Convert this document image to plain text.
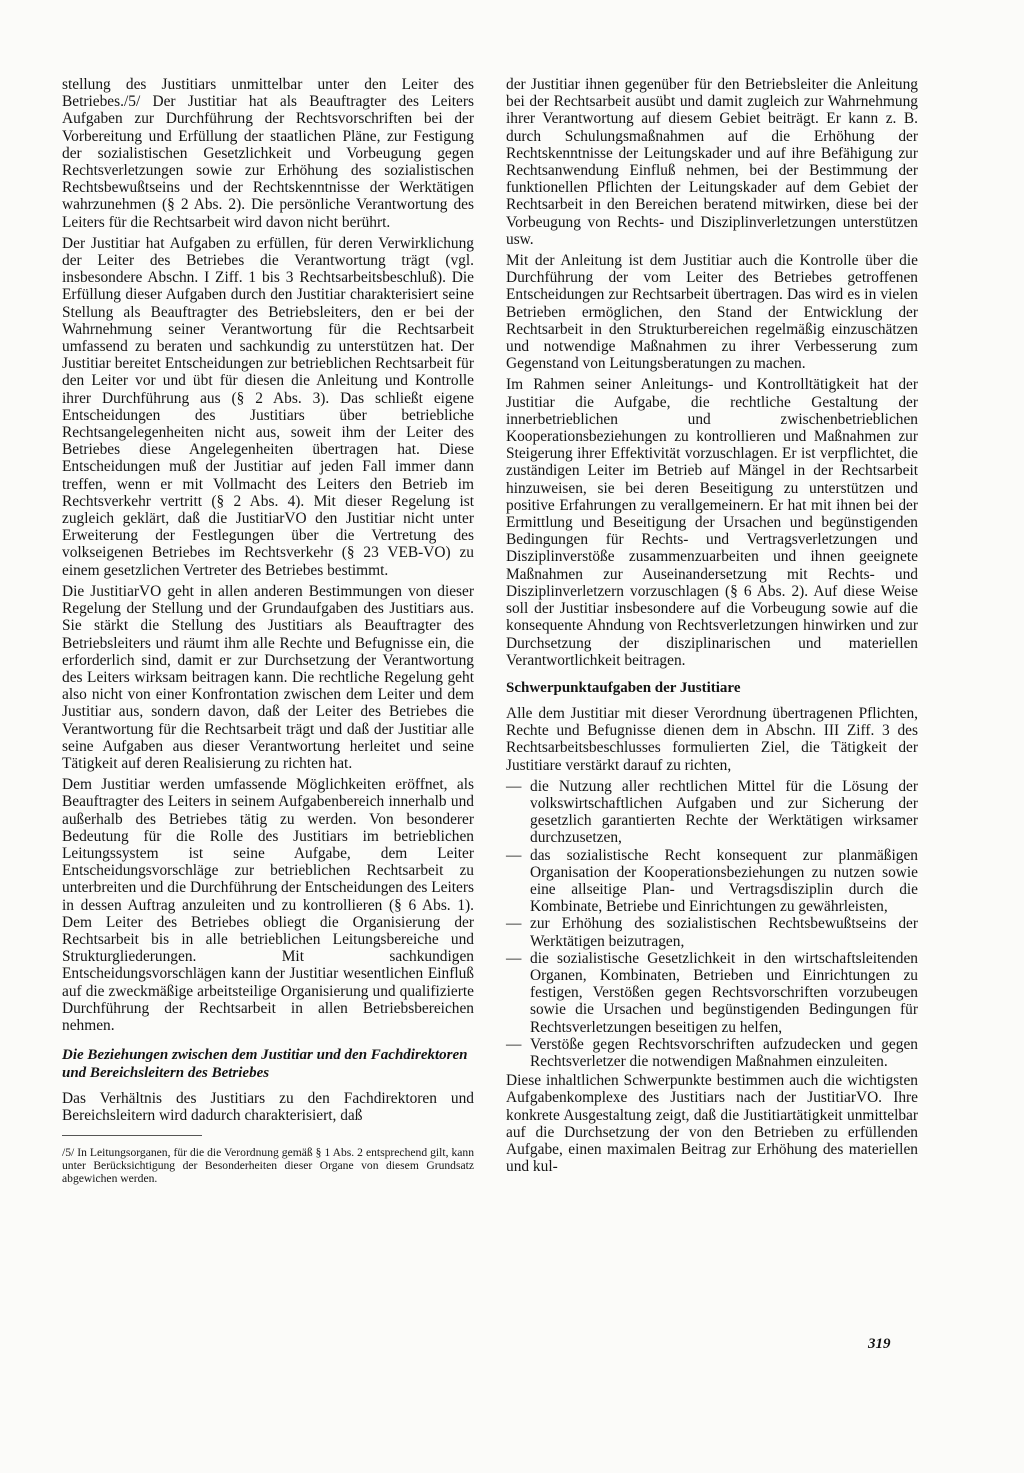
stellung des Justitiars unmittelbar unter den Leiter des Betriebes./5/ Der Justitiar hat als Beauftragter des Leiters Aufgaben zur Durchführung der Rechtsvorschriften bei der Vorbereitung und Erfüllung der staatlichen Pläne, zur Festigung der sozialistischen Gesetzlichkeit und Vorbeugung gegen Rechtsverletzungen sowie zur Erhöhung des sozialistischen Rechtsbewußtseins und der Rechtskenntnisse der Werktätigen wahrzunehmen (§ 2 Abs. 2). Die persönliche Verantwortung des Leiters für die Rechtsarbeit wird davon nicht berührt.

Der Justitiar hat Aufgaben zu erfüllen, für deren Verwirklichung der Leiter des Betriebes die Verantwortung trägt (vgl. insbesondere Abschn. I Ziff. 1 bis 3 Rechtsarbeitsbeschluß). Die Erfüllung dieser Aufgaben durch den Justitiar charakterisiert seine Stellung als Beauftragter des Betriebsleiters, den er bei der Wahrnehmung seiner Verantwortung für die Rechtsarbeit umfassend zu beraten und sachkundig zu unterstützen hat. Der Justitiar bereitet Entscheidungen zur betrieblichen Rechtsarbeit für den Leiter vor und übt für diesen die Anleitung und Kontrolle ihrer Durchführung aus (§ 2 Abs. 3). Das schließt eigene Entscheidungen des Justitiars über betriebliche Rechtsangelegenheiten nicht aus, soweit ihm der Leiter des Betriebes diese Angelegenheiten übertragen hat. Diese Entscheidungen muß der Justitiar auf jeden Fall immer dann treffen, wenn er mit Vollmacht des Leiters den Betrieb im Rechtsverkehr vertritt (§ 2 Abs. 4). Mit dieser Regelung ist zugleich geklärt, daß die JustitiarVO den Justitiar nicht unter Erweiterung der Festlegungen über die Vertretung des volkseigenen Betriebes im Rechtsverkehr (§ 23 VEB-VO) zu einem gesetzlichen Vertreter des Betriebes bestimmt.

Die JustitiarVO geht in allen anderen Bestimmungen von dieser Regelung der Stellung und der Grundaufgaben des Justitiars aus. Sie stärkt die Stellung des Justitiars als Beauftragter des Betriebsleiters und räumt ihm alle Rechte und Befugnisse ein, die erforderlich sind, damit er zur Durchsetzung der Verantwortung des Leiters wirksam beitragen kann. Die rechtliche Regelung geht also nicht von einer Konfrontation zwischen dem Leiter und dem Justitiar aus, sondern davon, daß der Leiter des Betriebes die Verantwortung für die Rechtsarbeit trägt und daß der Justitiar alle seine Aufgaben aus dieser Verantwortung herleitet und seine Tätigkeit auf deren Realisierung zu richten hat.

Dem Justitiar werden umfassende Möglichkeiten eröffnet, als Beauftragter des Leiters in seinem Aufgabenbereich innerhalb und außerhalb des Betriebes tätig zu werden. Von besonderer Bedeutung für die Rolle des Justitiars im betrieblichen Leitungssystem ist seine Aufgabe, dem Leiter Entscheidungsvorschläge zur betrieblichen Rechtsarbeit zu unterbreiten und die Durchführung der Entscheidungen des Leiters in dessen Auftrag anzuleiten und zu kontrollieren (§ 6 Abs. 1). Dem Leiter des Betriebes obliegt die Organisierung der Rechtsarbeit bis in alle betrieblichen Leitungsbereiche und Strukturgliederungen. Mit sachkundigen Entscheidungsvorschlägen kann der Justitiar wesentlichen Einfluß auf die zweckmäßige arbeitsteilige Organisierung und qualifizierte Durchführung der Rechtsarbeit in allen Betriebsbereichen nehmen.

Die Beziehungen zwischen dem Justitiar und den Fachdirektoren und Bereichsleitern des Betriebes

Das Verhältnis des Justitiars zu den Fachdirektoren und Bereichsleitern wird dadurch charakterisiert, daß

/5/ In Leitungsorganen, für die die Verordnung gemäß § 1 Abs. 2 entsprechend gilt, kann unter Berücksichtigung der Besonderheiten dieser Organe von diesem Grundsatz abgewichen werden.

der Justitiar ihnen gegenüber für den Betriebsleiter die Anleitung bei der Rechtsarbeit ausübt und damit zugleich zur Wahrnehmung ihrer Verantwortung auf diesem Gebiet beiträgt. Er kann z. B. durch Schulungsmaßnahmen auf die Erhöhung der Rechtskenntnisse der Leitungskader und auf ihre Befähigung zur Rechtsanwendung Einfluß nehmen, bei der Bestimmung der funktionellen Pflichten der Leitungskader auf dem Gebiet der Rechtsarbeit in den Bereichen beratend mitwirken, diese bei der Vorbeugung von Rechts- und Disziplinverletzungen unterstützen usw.

Mit der Anleitung ist dem Justitiar auch die Kontrolle über die Durchführung der vom Leiter des Betriebes getroffenen Entscheidungen zur Rechtsarbeit übertragen. Das wird es in vielen Betrieben ermöglichen, den Stand der Entwicklung der Rechtsarbeit in den Strukturbereichen regelmäßig einzuschätzen und notwendige Maßnahmen zu ihrer Verbesserung zum Gegenstand von Leitungsberatungen zu machen.

Im Rahmen seiner Anleitungs- und Kontrolltätigkeit hat der Justitiar die Aufgabe, die rechtliche Gestaltung der innerbetrieblichen und zwischenbetrieblichen Kooperationsbeziehungen zu kontrollieren und Maßnahmen zur Steigerung ihrer Effektivität vorzuschlagen. Er ist verpflichtet, die zuständigen Leiter im Betrieb auf Mängel in der Rechtsarbeit hinzuweisen, sie bei deren Beseitigung zu unterstützen und positive Erfahrungen zu verallgemeinern. Er hat mit ihnen bei der Ermittlung und Beseitigung der Ursachen und begünstigenden Bedingungen für Rechts- und Vertragsverletzungen und Disziplinverstöße zusammenzuarbeiten und ihnen geeignete Maßnahmen zur Auseinandersetzung mit Rechts- und Disziplinverletzern vorzuschlagen (§ 6 Abs. 2). Auf diese Weise soll der Justitiar insbesondere auf die Vorbeugung sowie auf die konsequente Ahndung von Rechtsverletzungen hinwirken und zur Durchsetzung der disziplinarischen und materiellen Verantwortlichkeit beitragen.

Schwerpunktaufgaben der Justitiare

Alle dem Justitiar mit dieser Verordnung übertragenen Pflichten, Rechte und Befugnisse dienen dem in Abschn. III Ziff. 3 des Rechtsarbeitsbeschlusses formulierten Ziel, die Tätigkeit der Justitiare verstärkt darauf zu richten,

— die Nutzung aller rechtlichen Mittel für die Lösung der volkswirtschaftlichen Aufgaben und zur Sicherung der gesetzlich garantierten Rechte der Werktätigen wirksamer durchzusetzen,
— das sozialistische Recht konsequent zur planmäßigen Organisation der Kooperationsbeziehungen zu nutzen sowie eine allseitige Plan- und Vertragsdisziplin durch die Kombinate, Betriebe und Einrichtungen zu gewährleisten,
— zur Erhöhung des sozialistischen Rechtsbewußtseins der Werktätigen beizutragen,
— die sozialistische Gesetzlichkeit in den wirtschaftsleitenden Organen, Kombinaten, Betrieben und Einrichtungen zu festigen, Verstößen gegen Rechtsvorschriften vorzubeugen sowie die Ursachen und begünstigenden Bedingungen für Rechtsverletzungen beseitigen zu helfen,
— Verstöße gegen Rechtsvorschriften aufzudecken und gegen Rechtsverletzer die notwendigen Maßnahmen einzuleiten.

Diese inhaltlichen Schwerpunkte bestimmen auch die wichtigsten Aufgabenkomplexe des Justitiars nach der JustitiarVO. Ihre konkrete Ausgestaltung zeigt, daß die Justitiartätigkeit unmittelbar auf die Durchsetzung der von den Betrieben zu erfüllenden Aufgabe, einen maximalen Beitrag zur Erhöhung des materiellen und kul-

319
